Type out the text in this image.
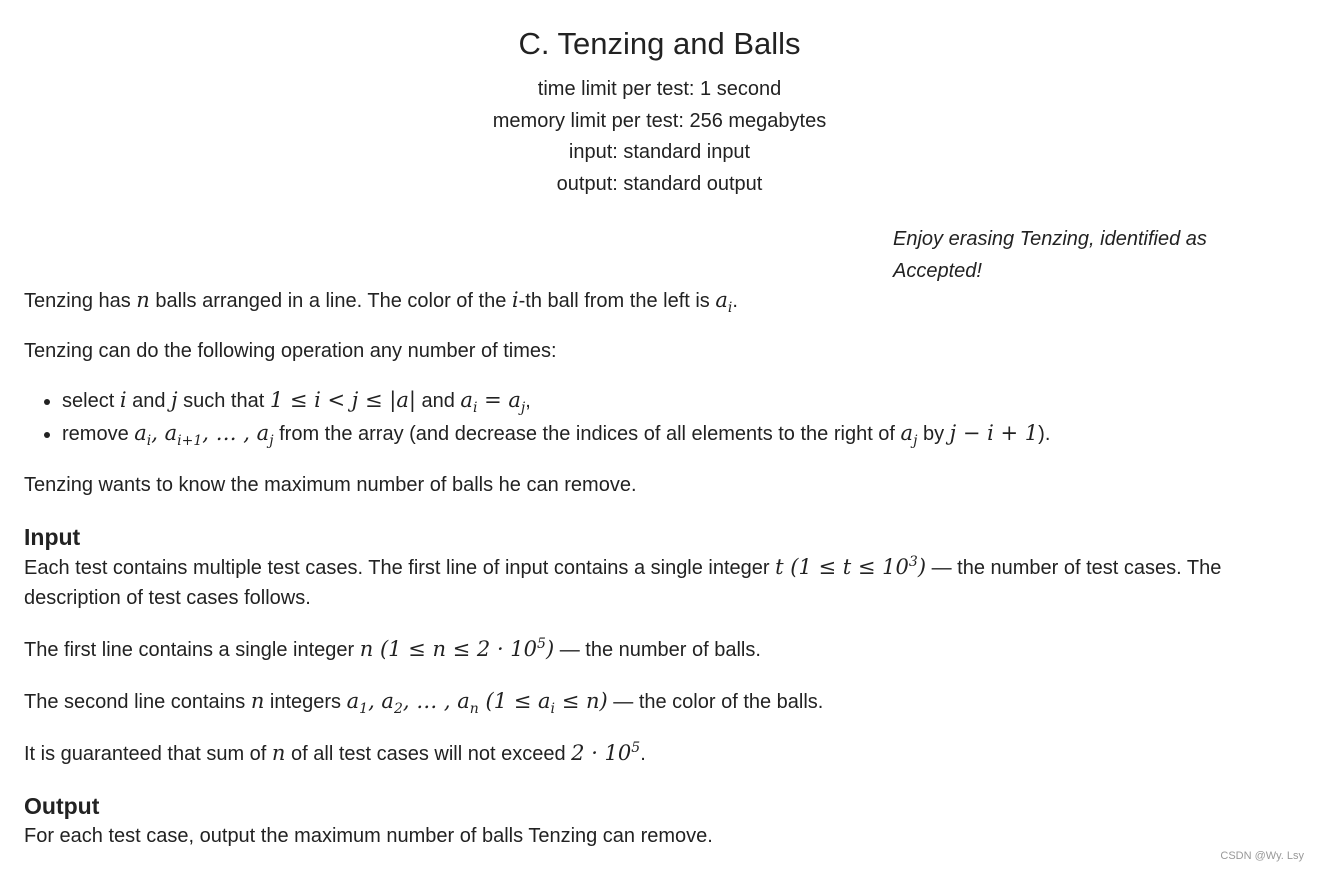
C. Tenzing and Balls
time limit per test: 1 second
memory limit per test: 256 megabytes
input: standard input
output: standard output
Enjoy erasing Tenzing, identified as Accepted!

Tenzing has n balls arranged in a line. The color of the i-th ball from the left is $a_i$.

Tenzing can do the following operation any number of times:

• select i and j such that 1 ≤ i < j ≤ |a| and $a_i = a_j$,
• remove $a_i$, $a_{i+1}$, … , $a_j$ from the array (and decrease the indices of all elements to the right of $a_j$ by j − i + 1).

Tenzing wants to know the maximum number of balls he can remove.

Input

Each test contains multiple test cases. The first line of input contains a single integer t $(1 \le t \le 10^3)$ — the number of test cases. The description of test cases follows.

The first line contains a single integer n $(1 \le n \le 2 \cdot 10^5)$ — the number of balls.

The second line contains n integers $a_1$, $a_2$, … , $a_n$ $(1 \le a_i \le n)$ — the color of the balls.

It is guaranteed that sum of n of all test cases will not exceed $2 \cdot 10^5$.

Output

For each test case, output the maximum number of balls Tenzing can remove.

CSDN @Wy. Lsy
